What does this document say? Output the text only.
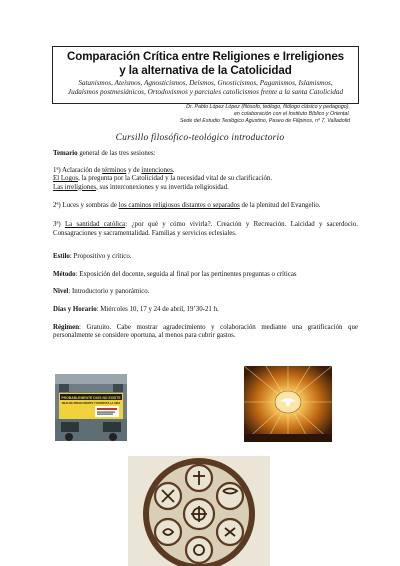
Comparación Crítica entre Religiones e Irreligiones
y la alternativa de la Catolicidad
Satanismos, Ateísmos, Agnosticismos, Deísmos, Gnosticismos, Paganismos, Islamismos,
Judaísmos postmesiánicos, Ortodoxismos y parciales catolicismos frente a la santa Catolicidad
Dr. Pablo López López (filósofo, teólogo, filólogo clásico y pedagogo),
en colaboración con el Instituto Bíblico y Oriental.
Sede del Estudio Teológico Agustino, Paseo de Filipinos, nº 7, Valladolid
Cursillo filosófico-teológico introductorio

Temario general de las tres sesiones:

1ª) Aclaración de términos y de intenciones.

El Logos, la pregunta por la Catolicidad y la necesidad vital de su clarificación.

Las irreligiones, sus interconexiones y su invertida religiosidad.

2ª) Luces y sombras de los caminos religiosos distantes o separados de la plenitud del Evangelio.

3ª) La santidad católica: ¿por qué y cómo vivirla?. Creación y Recreación. Laicidad y sacerdocio. Consagraciones y sacramentalidad. Familias y servicios eclesiales.

Estilo: Propositivo y crítico.

Método: Exposición del docente, seguida al final por las pertinentes preguntas o críticas

Nivel: Introductorio y panorámico.

Días y Horario: Miércoles 10, 17 y 24 de abril, 19’30-21 h.

Régimen: Gratuito. Cabe mostrar agradecimiento y colaboración mediante una gratificación que personalmente se considere oportuna, al menos para cubrir gastos.

PROBABLEMENTE DIOS NO EXISTE
DEJA DE PREOCUPARTE Y DISFRUTA LA VIDA
